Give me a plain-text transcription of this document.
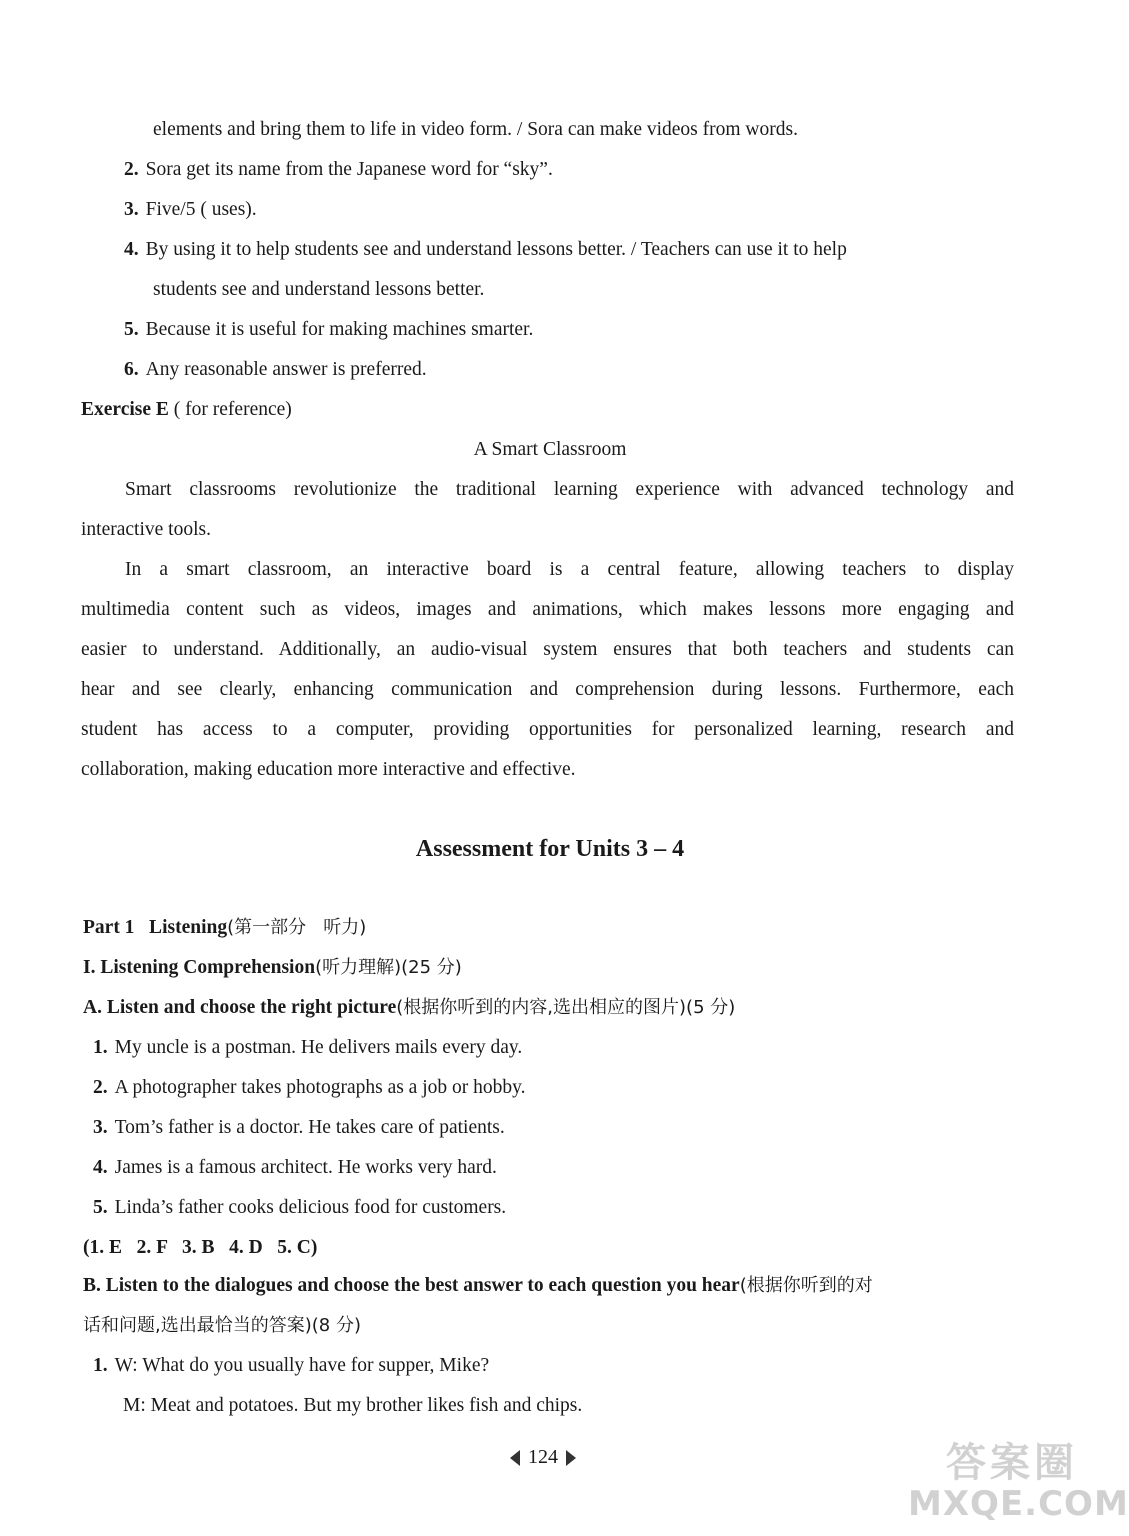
elements and bring them to life in video form. / Sora can make videos from words.
2. Sora get its name from the Japanese word for “sky”.
3. Five/5 ( uses).
4. By using it to help students see and understand lessons better. / Teachers can use it to help
students see and understand lessons better.
5. Because it is useful for making machines smarter.
6. Any reasonable answer is preferred.
Exercise E ( for reference)
A Smart Classroom
Smart classrooms revolutionize the traditional learning experience with advanced technology and
interactive tools.
In a smart classroom, an interactive board is a central feature, allowing teachers to display
multimedia content such as videos, images and animations, which makes lessons more engaging and
easier to understand. Additionally, an audio-visual system ensures that both teachers and students can
hear and see clearly, enhancing communication and comprehension during lessons. Furthermore, each
student has access to a computer, providing opportunities for personalized learning, research and
collaboration, making education more interactive and effective.
Assessment for Units 3 – 4
Part 1   Listening(第一部分   听力)
I. Listening Comprehension(听力理解)(25 分)
A. Listen and choose the right picture(根据你听到的内容,选出相应的图片)(5 分)
1. My uncle is a postman. He delivers mails every day.
2. A photographer takes photographs as a job or hobby.
3. Tom’s father is a doctor. He takes care of patients.
4. James is a famous architect. He works very hard.
5. Linda’s father cooks delicious food for customers.
(1. E   2. F   3. B   4. D   5. C)
B. Listen to the dialogues and choose the best answer to each question you hear(根据你听到的对
话和问题,选出最恰当的答案)(8 分)
1. W: What do you usually have for supper, Mike?
M: Meat and potatoes. But my brother likes fish and chips.
124	答案圈
MXQE.COM
